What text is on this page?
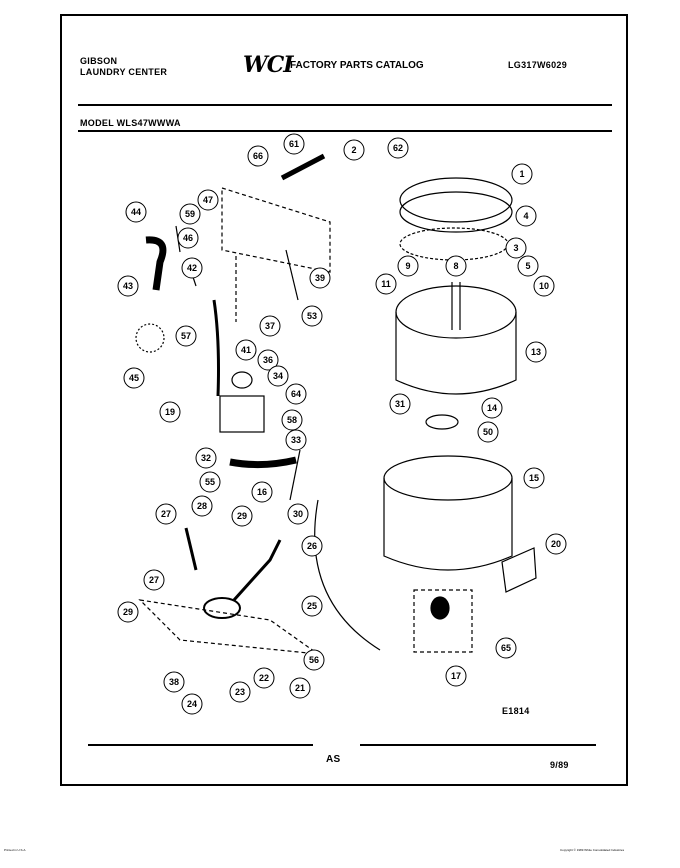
GIBSON
LAUNDRY CENTER	WCI
FACTORY PARTS CATALOG	LG317W6029
MODEL WLS47WWWA
66
61
2	62
1
4
3
5
9	8
10
11
13
44	59
47
46
42
39
43
53
37
57
45
41
36
34
64
19
58
33
32
55
31	14
50
15
16
30
28
29
27
26
27
25
29
56
38
24
23
22
21
20
65
17
E1814
AS	9/89
Printed in U.S.A.	Copyright © 1989 White Consolidated Industries
